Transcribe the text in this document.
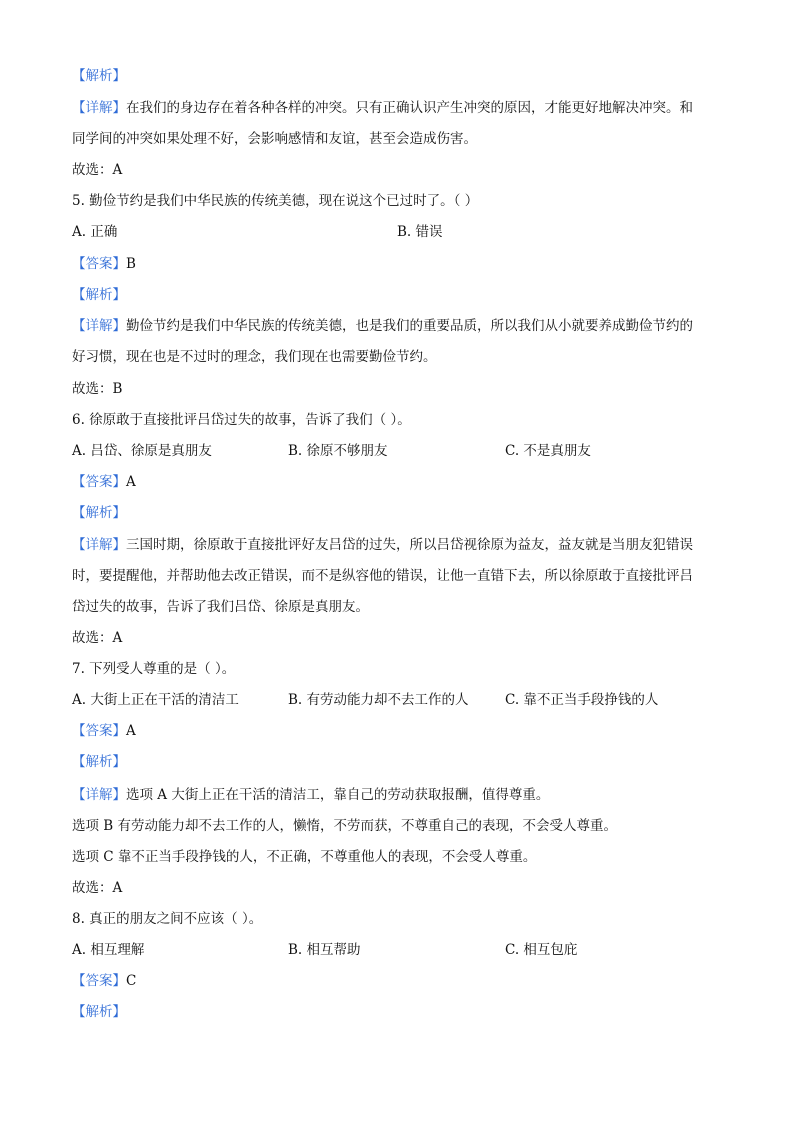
【解析】
【详解】在我们的身边存在着各种各样的冲突。只有正确认识产生冲突的原因，才能更好地解决冲突。和
同学间的冲突如果处理不好，会影响感情和友谊，甚至会造成伤害。
故选：A
5. 勤俭节约是我们中华民族的传统美德，现在说这个已过时了。（ ）
A. 正确	B. 错误
【答案】B
【解析】
【详解】勤俭节约是我们中华民族的传统美德，也是我们的重要品质，所以我们从小就要养成勤俭节约的
好习惯，现在也是不过时的理念，我们现在也需要勤俭节约。
故选：B
6. 徐原敢于直接批评吕岱过失的故事，告诉了我们（ ）。
A. 吕岱、徐原是真朋友	B. 徐原不够朋友	C. 不是真朋友
【答案】A
【解析】
【详解】三国时期，徐原敢于直接批评好友吕岱的过失，所以吕岱视徐原为益友，益友就是当朋友犯错误
时，要提醒他，并帮助他去改正错误，而不是纵容他的错误，让他一直错下去，所以徐原敢于直接批评吕
岱过失的故事，告诉了我们吕岱、徐原是真朋友。
故选：A
7. 下列受人尊重的是（ ）。
A. 大街上正在干活的清洁工	B. 有劳动能力却不去工作的人	C. 靠不正当手段挣钱的人
【答案】A
【解析】
【详解】选项 A 大街上正在干活的清洁工，靠自己的劳动获取报酬，值得尊重。
选项 B 有劳动能力却不去工作的人，懒惰，不劳而获，不尊重自己的表现，不会受人尊重。
选项 C 靠不正当手段挣钱的人，不正确，不尊重他人的表现，不会受人尊重。
故选：A
8. 真正的朋友之间不应该（ ）。
A. 相互理解	B. 相互帮助	C. 相互包庇
【答案】C
【解析】
